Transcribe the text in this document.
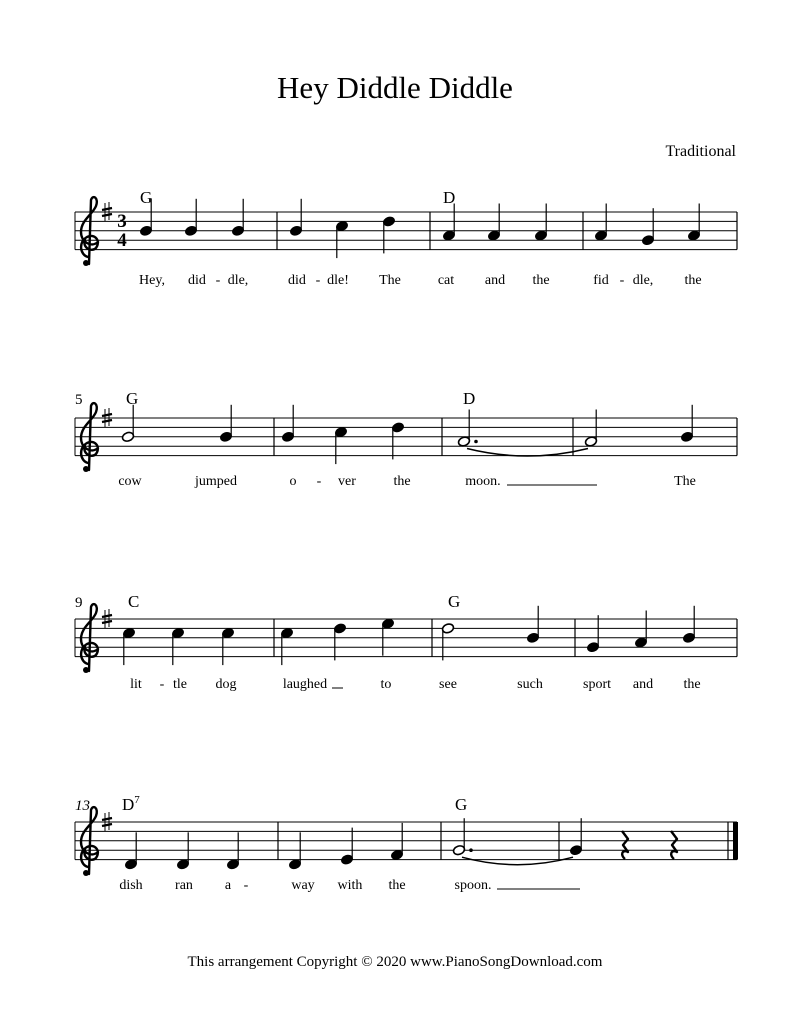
Hey Diddle Diddle
Traditional
3
4
G	D
Hey, did - dle,	did - dle! The	cat and the	fid - dle, the
5	G	D
cow	jumped	o - ver	the	moon.	The
9	C	G
lit - tle dog	laughed	to	see	such	sport and the
13 $D^7$	G
dish ran a -	way with the	spoon.
This arrangement Copyright © 2020 www.PianoSongDownload.com
